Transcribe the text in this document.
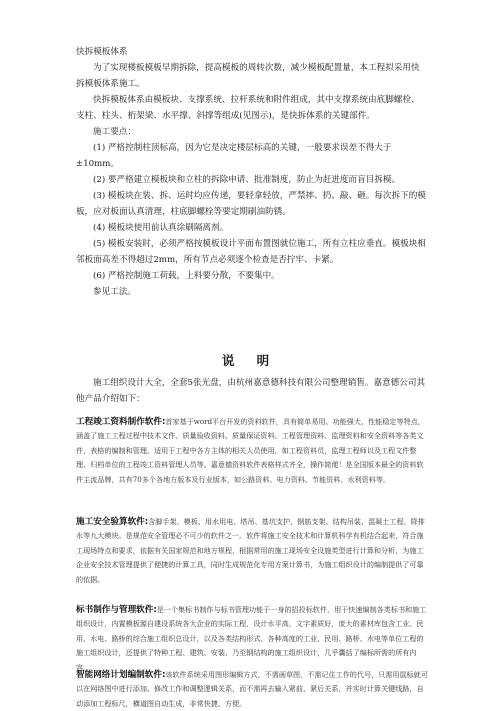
快拆模板体系

为了实现楼板模板早期拆除，提高模板的周转次数，减少模板配置量，本工程拟采用快拆模板体系施工。

快拆模板体系由模板块、支撑系统、拉杆系统和附件组成，其中支撑系统由底脚螺栓、支柱、柱头、桁架梁、水平撑、斜撑等组成(见图示)，是快拆体系的关键部件。

施工要点：

(1) 严格控制柱顶标高，因为它是决定楼层标高的关键，一般要求误差不得大于±10mm。

(2) 要严格建立模板块和立柱的拆除申请、批准制度，防止为赶进度而盲目拆模。

(3) 模板块在装、拆、运时均应传递，要轻拿轻放，严禁摔、扔、敲、砸。每次拆下的模板，应对板面认真清理，柱底脚螺栓等要定期刷油防锈。

(4) 模板块使用前认真涂刷隔离剂。

(5) 模板安装时，必须严格按模板设计平面布置图就位施工，所有立柱应垂直。模板块相邻板面高差不得超过2mm，所有节点必须逐个检查是否拧牢、卡紧。

(6) 严格控制施工荷载，上料要分散，不要集中。

参见工法。

说 明

施工组织设计大全，全套5张光盘，由杭州嘉意德科技有限公司整理销售。嘉意德公司其他产品介绍如下：

工程竣工资料制作软件:首家基于word平台开发的资料软件，具有简单易用、功能强大、性能稳定等特点，涵盖了施工工程过程中技术文件、质量验收资料、质量保证资料、工程管理资料、监理资料和安全资料等各类文件，表格的编制和管理。适用于工程中各方主体的相关人员使用，如工程资料员，监理工程师以及工程文件整理、归档单位的工程竣工资料管理人员等。嘉意德资料软件表格样式齐全，操作简便！是全国版本最全的资料软件主流品牌，共有70多个各地方版本及行业版本，如公路资料、电力资料、节能资料、水利资料等。

施工安全验算软件:含脚手架、模板、用水用电、塔吊、基坑支护、钢筋支架、结构吊装、混凝土工程、降排水等九大模块。是规范安全管理必不可少的软件之一。软件将施工安全技术和计算机科学有机结合起来，符合施工现场特点和要求，依据有关国家规范和地方规程，根据常用的施工现场安全设施类型进行计算和分析，为施工企业安全技术管理提供了便捷的计算工具，同时生成规范化专用方案计算书，为施工组织设计的编制提供了可靠的依据。

标书制作与管理软件:是一个集标书制作与标书管理功能于一身的招投标软件，用于快速编制各类标书和施工组织设计，内置模板源自建设系统各大企业的实际工程，设计水平高，文字素质好，庞大的素材库包含工业、民用、水电、路桥的综合施工组织总设计，以及各类结构形式、各种高度的工业、民用、路桥、水电等单位工程的施工组织设计，还提供了特种工程、建筑、安装、乃至钢结构的施工组织设计，几乎囊括了编标所需的所有内容。

智能网络计划编制软件:该软件系统采用图形编辑方式，不需画草图，不需记住工作的代号，只需用鼠标就可以在网络图中进行添加、修改工作和调整逻辑关系，而不需再去输入紧前、紧后关系，并实时计算关键线路，自动添加工程标尺，横道图自动生成，非常快捷、方便。
